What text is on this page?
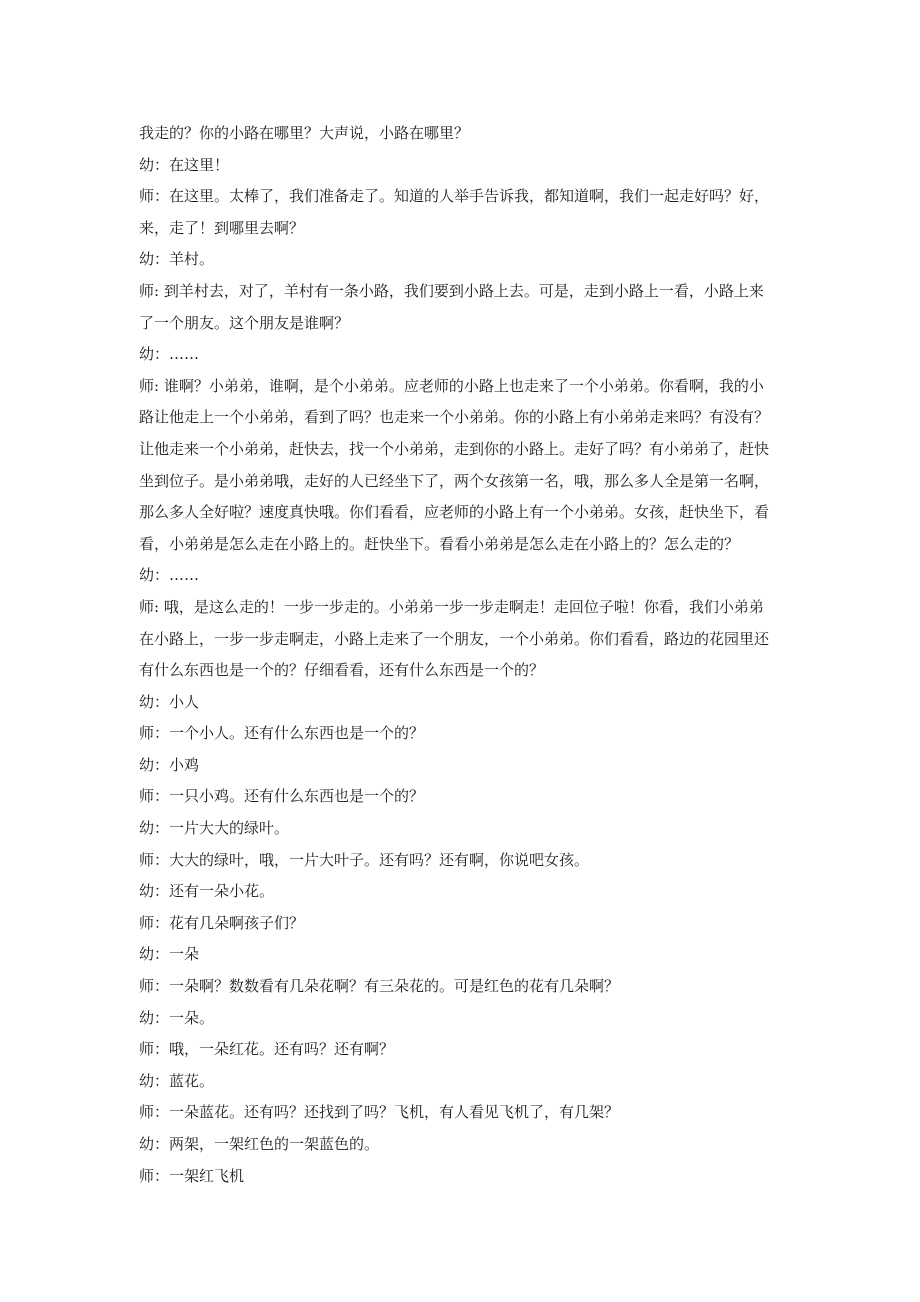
我走的？你的小路在哪里？大声说，小路在哪里？
幼：在这里！
师：在这里。太棒了，我们准备走了。知道的人举手告诉我，都知道啊，我们一起走好吗？好，
来，走了！到哪里去啊？
幼：羊村。
师: 到羊村去，对了，羊村有一条小路，我们要到小路上去。可是，走到小路上一看，小路上来
了一个朋友。这个朋友是谁啊？
幼：……
师: 谁啊？小弟弟，谁啊，是个小弟弟。应老师的小路上也走来了一个小弟弟。你看啊，我的小
路让他走上一个小弟弟，看到了吗？也走来一个小弟弟。你的小路上有小弟弟走来吗？有没有？
让他走来一个小弟弟，赶快去，找一个小弟弟，走到你的小路上。走好了吗？有小弟弟了，赶快
坐到位子。是小弟弟哦，走好的人已经坐下了，两个女孩第一名，哦，那么多人全是第一名啊，
那么多人全好啦？速度真快哦。你们看看，应老师的小路上有一个小弟弟。女孩，赶快坐下，看
看，小弟弟是怎么走在小路上的。赶快坐下。看看小弟弟是怎么走在小路上的？怎么走的？
幼：……
师: 哦，是这么走的！一步一步走的。小弟弟一步一步走啊走！走回位子啦！你看，我们小弟弟
在小路上，一步一步走啊走，小路上走来了一个朋友，一个小弟弟。你们看看，路边的花园里还
有什么东西也是一个的？仔细看看，还有什么东西是一个的？
幼：小人
师：一个小人。还有什么东西也是一个的？
幼：小鸡
师：一只小鸡。还有什么东西也是一个的？
幼：一片大大的绿叶。
师：大大的绿叶，哦，一片大叶子。还有吗？还有啊，你说吧女孩。
幼：还有一朵小花。
师：花有几朵啊孩子们？
幼：一朵
师：一朵啊？数数看有几朵花啊？有三朵花的。可是红色的花有几朵啊？
幼：一朵。
师：哦，一朵红花。还有吗？还有啊？
幼：蓝花。
师：一朵蓝花。还有吗？还找到了吗？飞机，有人看见飞机了，有几架？
幼：两架，一架红色的一架蓝色的。
师：一架红飞机
